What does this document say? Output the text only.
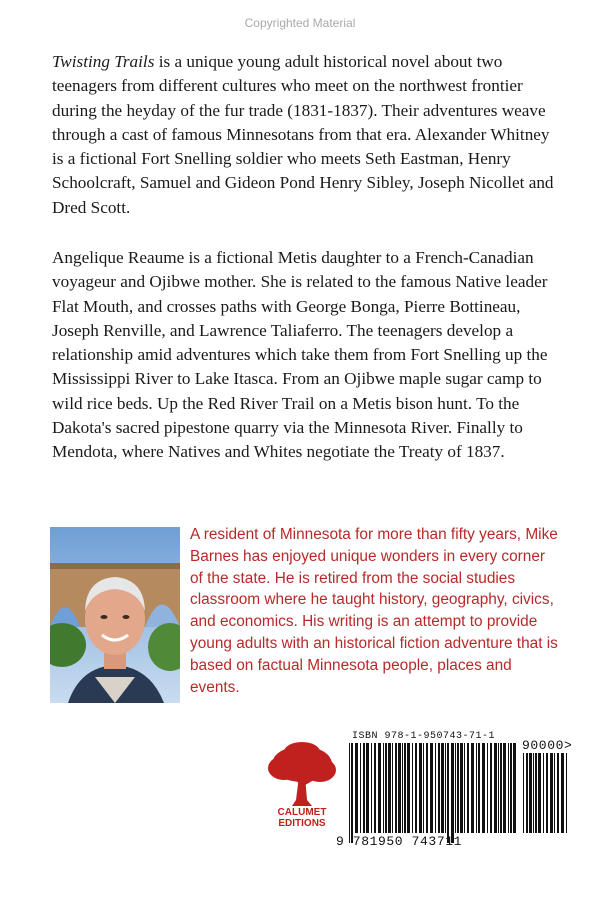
Copyrighted Material

Twisting Trails is a unique young adult historical novel about two teenagers from different cultures who meet on the northwest frontier during the heyday of the fur trade (1831-1837). Their adventures weave through a cast of famous Minnesotans from that era. Alexander Whitney is a fictional Fort Snelling soldier who meets Seth Eastman, Henry Schoolcraft, Samuel and Gideon Pond Henry Sibley, Joseph Nicollet and Dred Scott.

Angelique Reaume is a fictional Metis daughter to a French-Canadian voyageur and Ojibwe mother. She is related to the famous Native leader Flat Mouth, and crosses paths with George Bonga, Pierre Bottineau, Joseph Renville, and Lawrence Taliaferro. The teenagers develop a relationship amid adventures which take them from Fort Snelling up the Mississippi River to Lake Itasca. From an Ojibwe maple sugar camp to wild rice beds. Up the Red River Trail on a Metis bison hunt. To the Dakota's sacred pipestone quarry via the Minnesota River. Finally to Mendota, where Natives and Whites negotiate the Treaty of 1837.

A resident of Minnesota for more than fifty years, Mike Barnes has enjoyed unique wonders in every corner of the state. He is retired from the social studies classroom where he taught history, geography, civics, and economics. His writing is an attempt to provide young adults with an historical fiction adventure that is based on factual Minnesota people, places and events.

CALUMET
EDITIONS
ISBN 978-1-950743-71-1
90000>
9 781950 743711
